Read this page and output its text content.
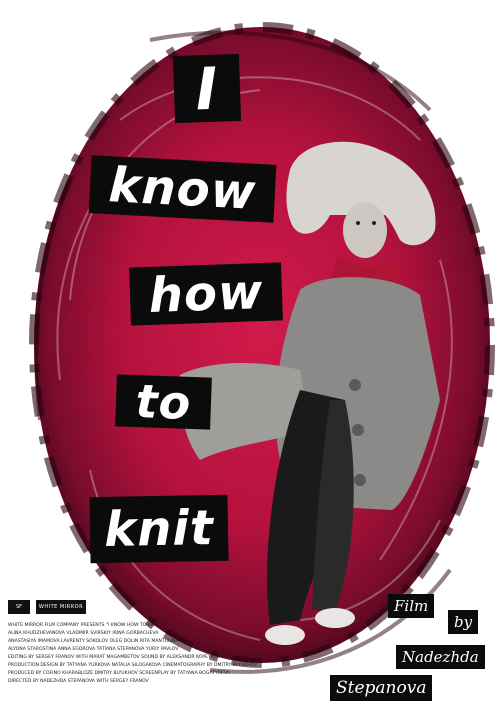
I
know
how
to
knit
Film
by
Nadezhda
Stepanova
SF	WHITE MIRROR
WHITE MIRROR FILM COMPANY PRESENTS "I KNOW HOW TO KNIT"
ALINA KHUDZHEVANOVA VLADIMIR SVIRSKIY IRINA GORBACHEVA
ANASTASIYA IMAMOVA LAVRENTY SOKOLOV OLEG DOLIN RITA MANTULINA
ALYONA STAROSTINA ANNA EGOROVA TATIANA STEPANOVA YURIY PAVLOV
EDITING BY SERGEY FRANOV WITH MARAT MAGAMBETOV SOUND BY ALEKSANDR KOPEYKIN
PRODUCTION DESIGN BY TATYANA YURKOVA NATALIA SILOGAKOVA CINEMATOGRAPHY BY DMITRY BLYUKHOV
PRODUCED BY COFINO KHARABLOZE DMITRY BLYUKHOV SCREENPLAY BY TATYANA BOGATYREVA
DIRECTED BY NADEZHDA STEPANOVA WITH SERGEY FRANOV
